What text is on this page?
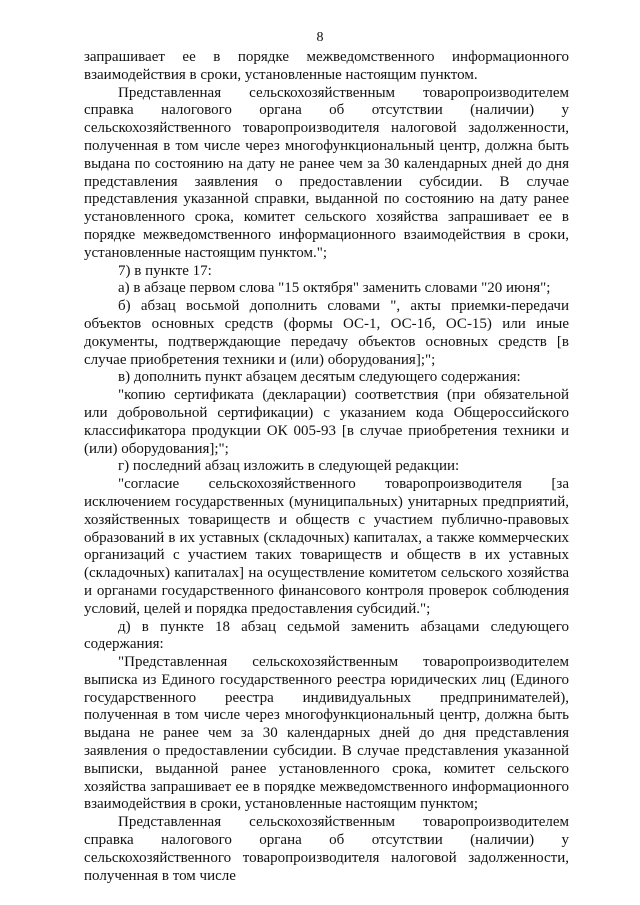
8

запрашивает ее в порядке межведомственного информационного взаимодействия в сроки, установленные настоящим пунктом.

Представленная сельскохозяйственным товаропроизводителем справка налогового органа об отсутствии (наличии) у сельскохозяйственного товаропроизводителя налоговой задолженности, полученная в том числе через многофункциональный центр, должна быть выдана по состоянию на дату не ранее чем за 30 календарных дней до дня представления заявления о предоставлении субсидии. В случае представления указанной справки, выданной по состоянию на дату ранее установленного срока, комитет сельского хозяйства запрашивает ее в порядке межведомственного информационного взаимодействия в сроки, установленные настоящим пунктом.";

7) в пункте 17:

а) в абзаце первом слова "15 октября" заменить словами "20 июня";

б) абзац восьмой дополнить словами ", акты приемки-передачи объектов основных средств (формы ОС-1, ОС-1б, ОС-15) или иные документы, подтверждающие передачу объектов основных средств [в случае приобретения техники и (или) оборудования];";

в) дополнить пункт абзацем десятым следующего содержания:

"копию сертификата (декларации) соответствия (при обязательной или добровольной сертификации) с указанием кода Общероссийского классификатора продукции ОК 005-93 [в случае приобретения техники и (или) оборудования];";

г) последний абзац изложить в следующей редакции:

"согласие сельскохозяйственного товаропроизводителя [за исключением государственных (муниципальных) унитарных предприятий, хозяйственных товариществ и обществ с участием публично-правовых образований в их уставных (складочных) капиталах, а также коммерческих организаций с участием таких товариществ и обществ в их уставных (складочных) капиталах] на осуществление комитетом сельского хозяйства и органами государственного финансового контроля проверок соблюдения условий, целей и порядка предоставления субсидий.";

д) в пункте 18 абзац седьмой заменить абзацами следующего содержания:

"Представленная сельскохозяйственным товаропроизводителем выписка из Единого государственного реестра юридических лиц (Единого государственного реестра индивидуальных предпринимателей), полученная в том числе через многофункциональный центр, должна быть выдана не ранее чем за 30 календарных дней до дня представления заявления о предоставлении субсидии. В случае представления указанной выписки, выданной ранее установленного срока, комитет сельского хозяйства запрашивает ее в порядке межведомственного информационного взаимодействия в сроки, установленные настоящим пунктом;

Представленная сельскохозяйственным товаропроизводителем справка налогового органа об отсутствии (наличии) у сельскохозяйственного товаропроизводителя налоговой задолженности, полученная в том числе
